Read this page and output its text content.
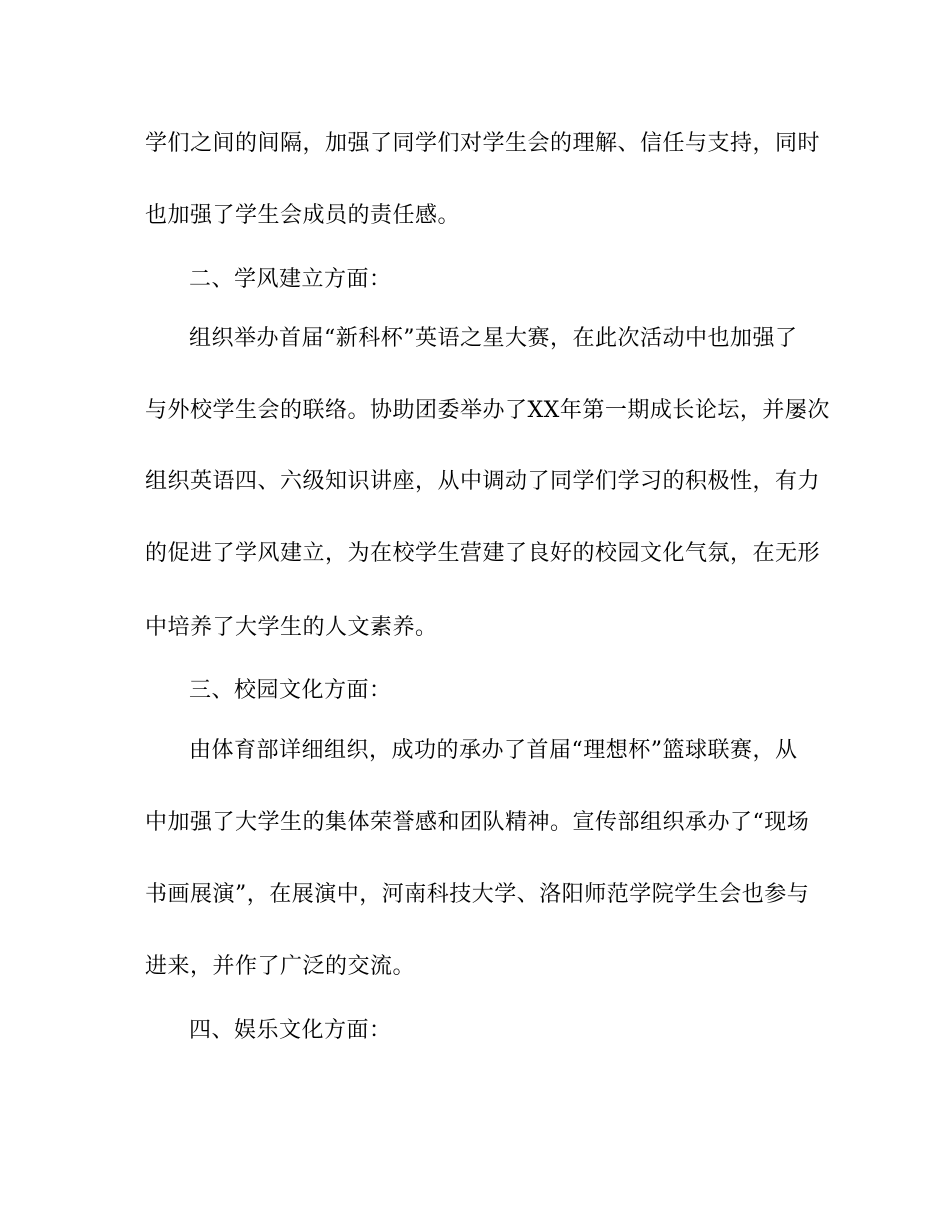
学们之间的间隔，加强了同学们对学生会的理解、信任与支持，同时
也加强了学生会成员的责任感。
二、学风建立方面：
组织举办首届“新科杯”英语之星大赛，在此次活动中也加强了
与外校学生会的联络。协助团委举办了XX年第一期成长论坛，并屡次
组织英语四、六级知识讲座，从中调动了同学们学习的积极性，有力
的促进了学风建立，为在校学生营建了良好的校园文化气氛，在无形
中培养了大学生的人文素养。
三、校园文化方面：
由体育部详细组织，成功的承办了首届“理想杯”篮球联赛，从
中加强了大学生的集体荣誉感和团队精神。宣传部组织承办了“现场
书画展演”，在展演中，河南科技大学、洛阳师范学院学生会也参与
进来，并作了广泛的交流。
四、娱乐文化方面：
